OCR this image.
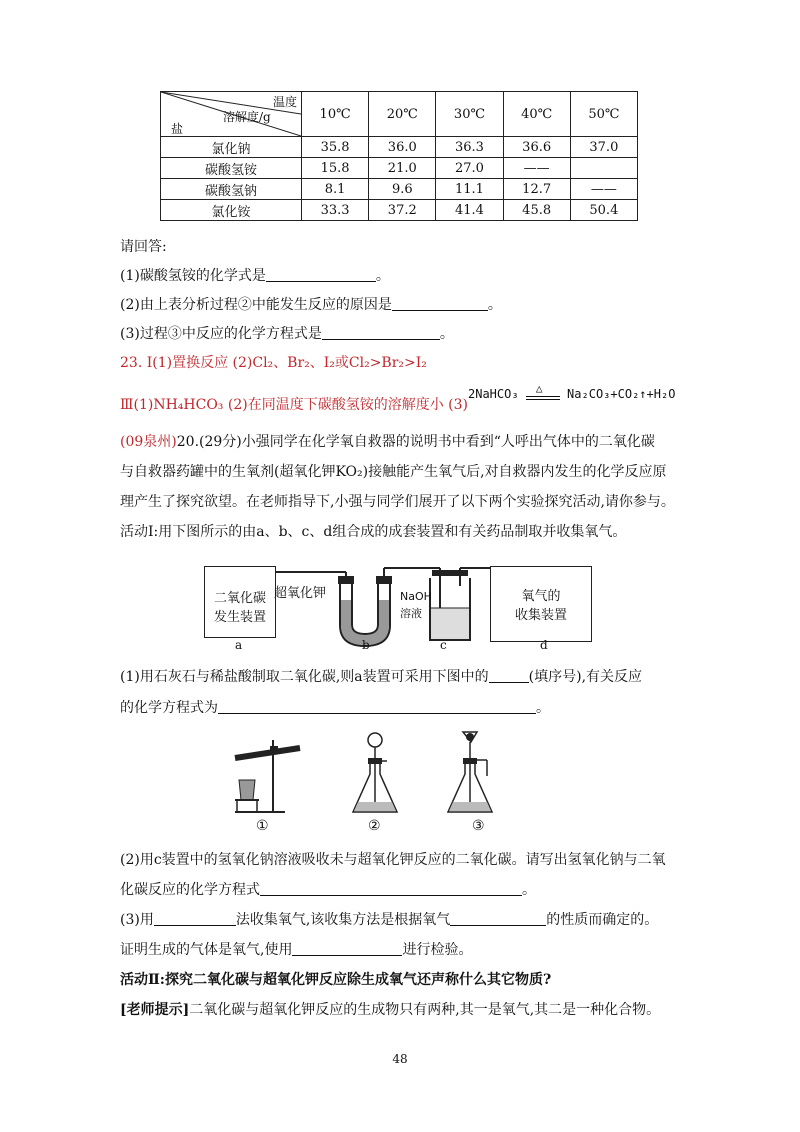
温度
溶解度/g
盐	10℃	20℃	30℃	40℃	50℃
氯化钠	35.8	36.0	36.3	36.6	37.0
碳酸氢铵	15.8	21.0	27.0	——	
碳酸氢钠	8.1	9.6	11.1	12.7	——
氯化铵	33.3	37.2	41.4	45.8	50.4
请回答:
(1)碳酸氢铵的化学式是	。
(2)由上表分析过程②中能发生反应的原因是	。
(3)过程③中反应的化学方程式是	。
23. Ⅰ(1)置换反应 (2)Cl₂、Br₂、I₂或Cl₂>Br₂>I₂
Ⅲ(1)NH₄HCO₃ (2)在同温度下碳酸氢铵的溶解度小 (3)
2NaHCO₃ △ Na₂CO₃+CO₂↑+H₂O
(09泉州)20.(29分)小强同学在化学氧自救器的说明书中看到“人呼出气体中的二氧化碳
与自救器药罐中的生氧剂(超氧化钾KO₂)接触能产生氧气后,对自救器内发生的化学反应原
理产生了探究欲望。在老师指导下,小强与同学们展开了以下两个实验探究活动,请你参与。
活动Ⅰ:用下图所示的由a、b、c、d组合成的成套装置和有关药品制取并收集氧气。
二氧化碳
发生装置
超氧化钾	NaOH
溶液
氧气的
收集装置
a	b	c	d
(1)用石灰石与稀盐酸制取二氧化碳,则a装置可采用下图中的	(填序号),有关反应
的化学方程式为	。
①	②	③
(2)用c装置中的氢氧化钠溶液吸收未与超氧化钾反应的二氧化碳。请写出氢氧化钠与二氧
化碳反应的化学方程式	。
(3)用	法收集氧气,该收集方法是根据氧气	的性质而确定的。
证明生成的气体是氧气,使用	进行检验。
活动Ⅱ:探究二氧化碳与超氧化钾反应除生成氧气还声称什么其它物质?
[老师提示]二氧化碳与超氧化钾反应的生成物只有两种,其一是氧气,其二是一种化合物。
48
